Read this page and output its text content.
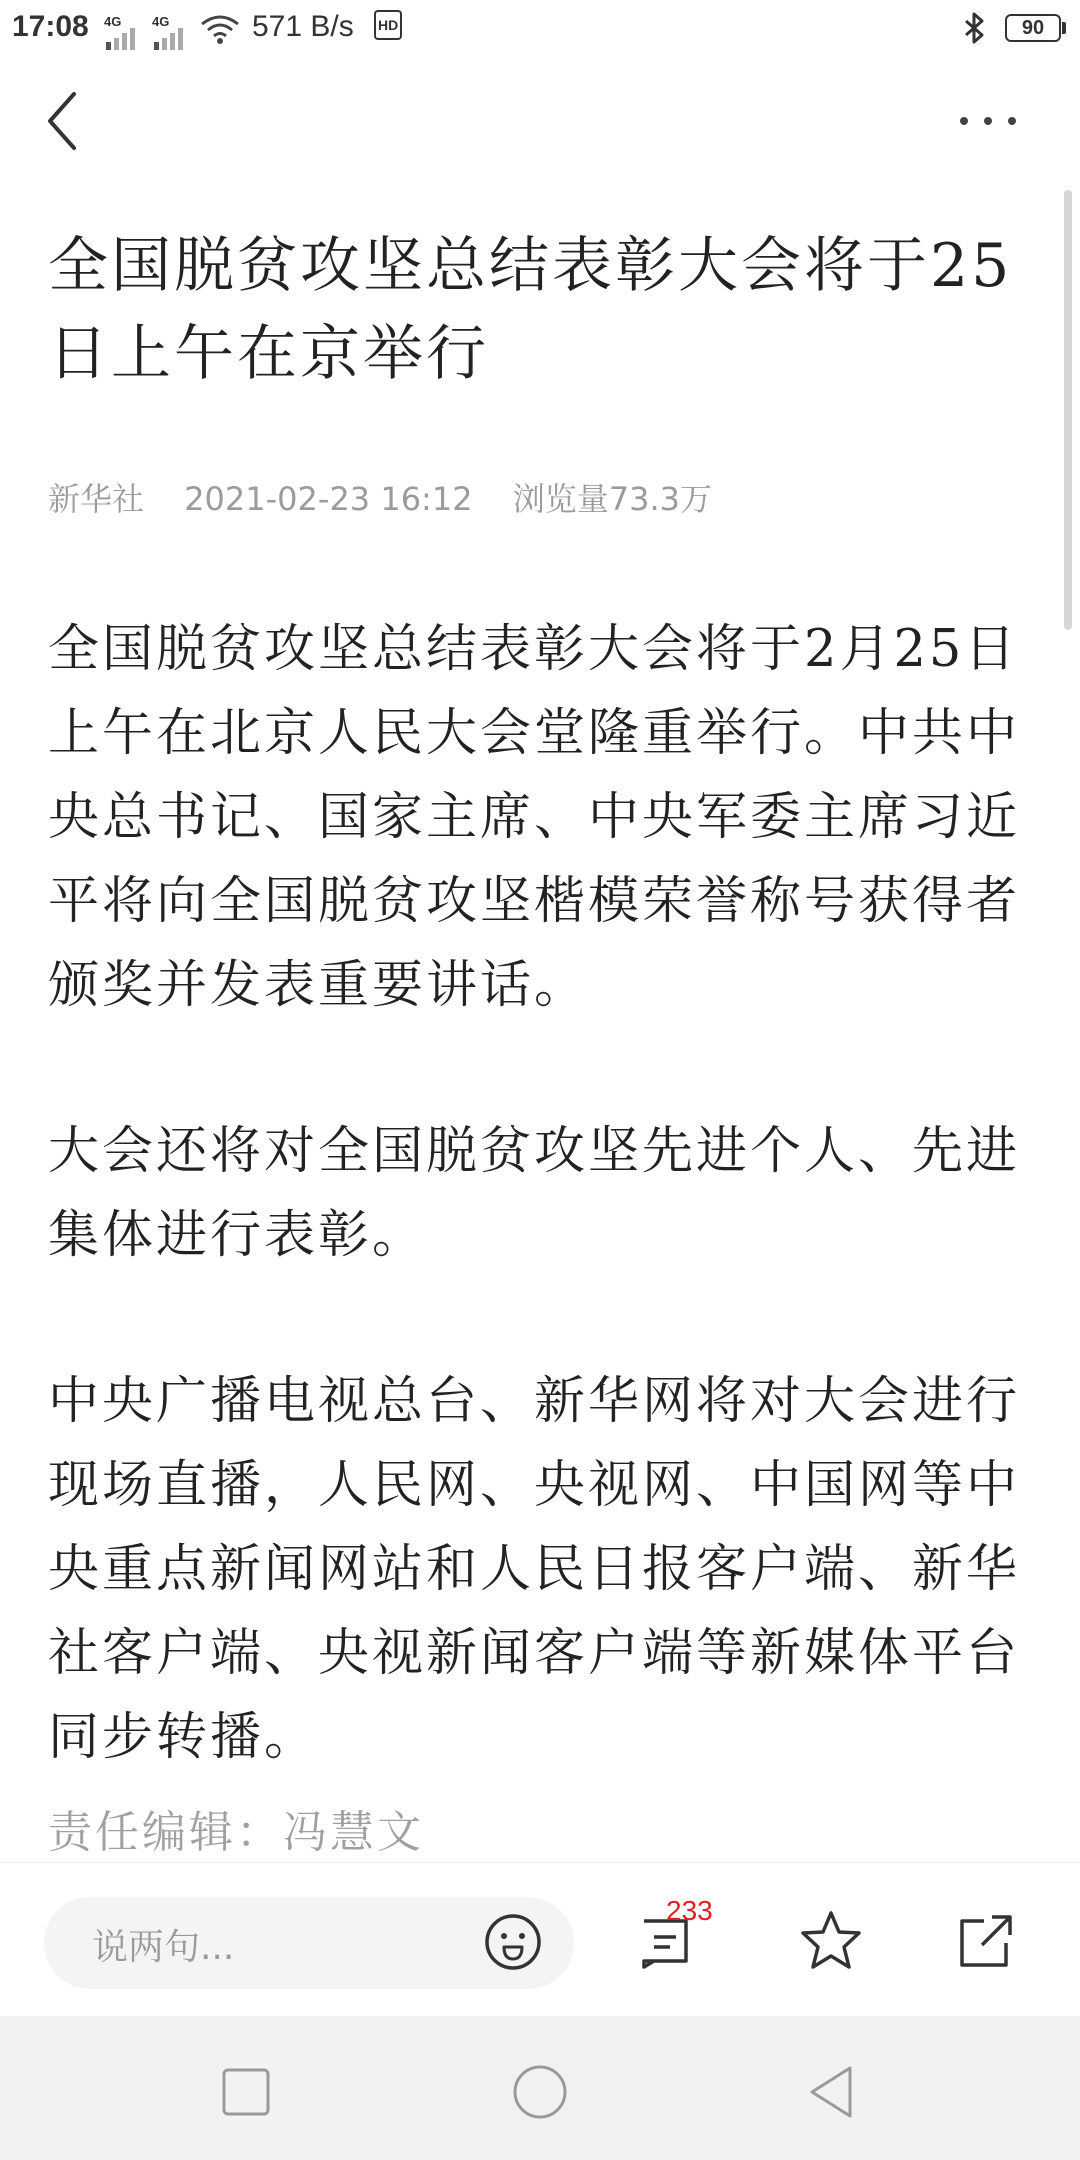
17:08 4G 4G	571 B/s HD	90
全国脱贫攻坚总结表彰大会将于25日上午在京举行
新华社 2021-02-23 16:12 浏览量73.3万

全国脱贫攻坚总结表彰大会将于2月25日上午在北京人民大会堂隆重举行。中共中央总书记、国家主席、中央军委主席习近平将向全国脱贫攻坚楷模荣誉称号获得者颁奖并发表重要讲话。

大会还将对全国脱贫攻坚先进个人、先进集体进行表彰。

中央广播电视总台、新华网将对大会进行现场直播，人民网、央视网、中国网等中央重点新闻网站和人民日报客户端、新华社客户端、央视新闻客户端等新媒体平台同步转播。

责任编辑：冯慧文
说两句...
233
